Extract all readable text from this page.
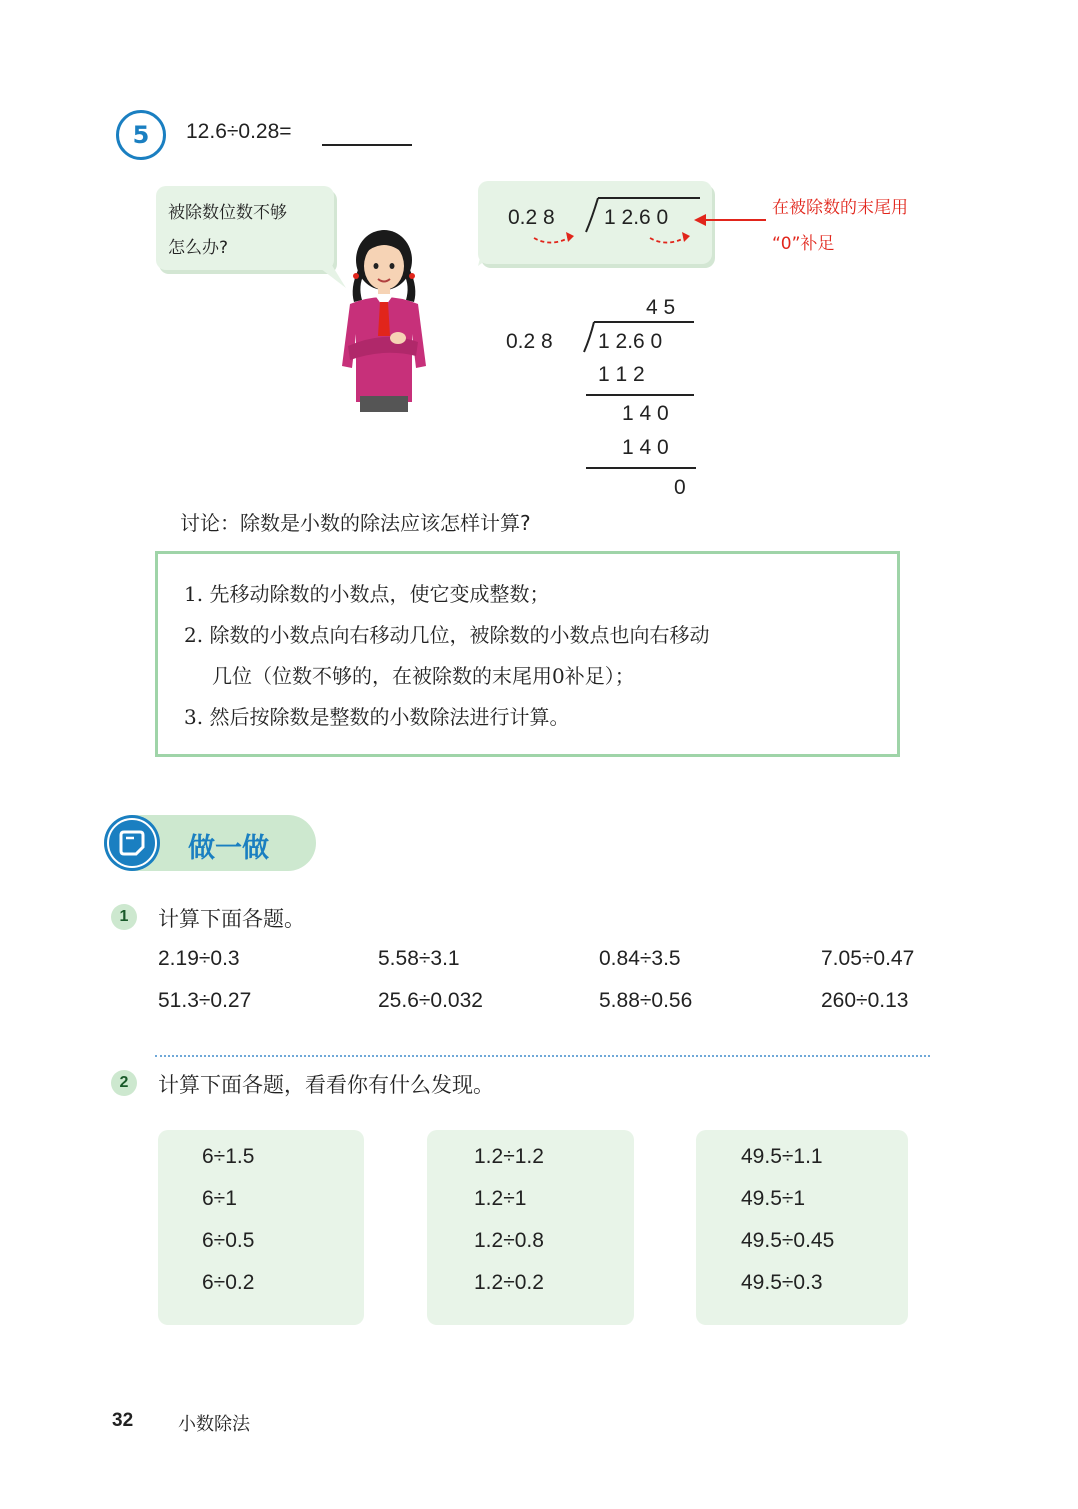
5	12.6÷0.28=
被除数位数不够
怎么办?
0.2 8 1 2.6 0	在被除数的末尾用
“0”补足
4 5
0.2 8 1 2.6 0
1 1 2
1 4 0
1 4 0
0
讨论：除数是小数的除法应该怎样计算?
1. 先移动除数的小数点，使它变成整数；
2. 除数的小数点向右移动几位，被除数的小数点也向右移动
几位（位数不够的，在被除数的末尾用0补足）；
3. 然后按除数是整数的小数除法进行计算。
做一做
1	计算下面各题。
2.19÷0.3	5.58÷3.1	0.84÷3.5	7.05÷0.47
51.3÷0.27	25.6÷0.032	5.88÷0.56	260÷0.13
2	计算下面各题，看看你有什么发现。
6÷1.5
6÷1
6÷0.5
6÷0.2
1.2÷1.2
1.2÷1
1.2÷0.8
1.2÷0.2
49.5÷1.1
49.5÷1
49.5÷0.45
49.5÷0.3
32 小数除法
